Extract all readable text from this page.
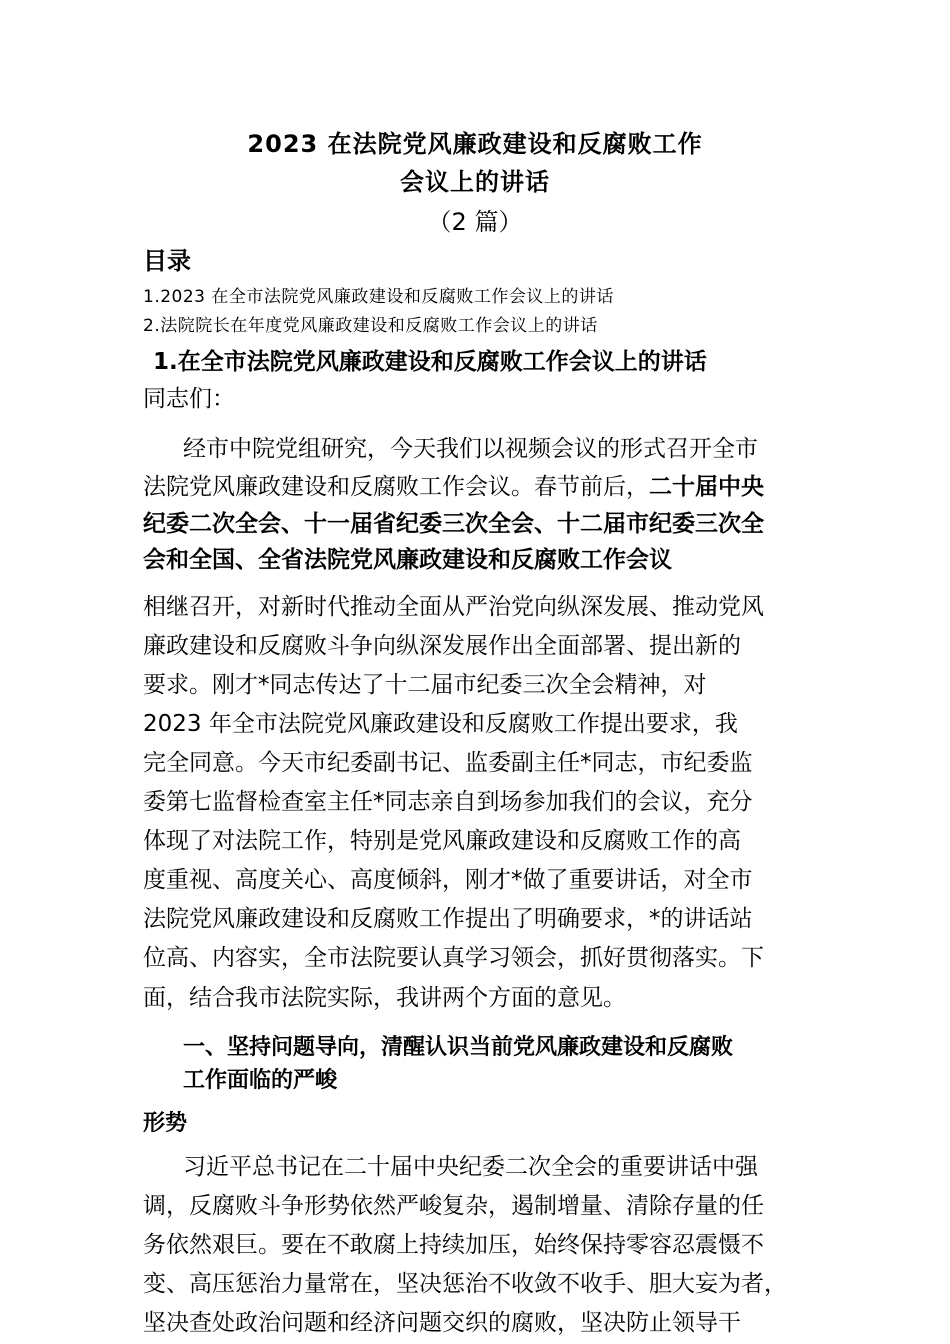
2023 在法院党风廉政建设和反腐败工作
会议上的讲话
（2 篇）
目录
1.2023 在全市法院党风廉政建设和反腐败工作会议上的讲话
2.法院院长在年度党风廉政建设和反腐败工作会议上的讲话
1.在全市法院党风廉政建设和反腐败工作会议上的讲话
同志们：
经市中院党组研究，今天我们以视频会议的形式召开全市
法院党风廉政建设和反腐败工作会议。春节前后，二十届中央
纪委二次全会、十一届省纪委三次全会、十二届市纪委三次全
会和全国、全省法院党风廉政建设和反腐败工作会议
相继召开，对新时代推动全面从严治党向纵深发展、推动党风
廉政建设和反腐败斗争向纵深发展作出全面部署、提出新的
要求。刚才*同志传达了十二届市纪委三次全会精神，对
2023 年全市法院党风廉政建设和反腐败工作提出要求，我
完全同意。今天市纪委副书记、监委副主任*同志，市纪委监
委第七监督检查室主任*同志亲自到场参加我们的会议，充分
体现了对法院工作，特别是党风廉政建设和反腐败工作的高
度重视、高度关心、高度倾斜，刚才*做了重要讲话，对全市
法院党风廉政建设和反腐败工作提出了明确要求，*的讲话站
位高、内容实，全市法院要认真学习领会，抓好贯彻落实。下
面，结合我市法院实际，我讲两个方面的意见。
一、坚持问题导向，清醒认识当前党风廉政建设和反腐败
工作面临的严峻
形势
习近平总书记在二十届中央纪委二次全会的重要讲话中强
调，反腐败斗争形势依然严峻复杂，遏制增量、清除存量的任
务依然艰巨。要在不敢腐上持续加压，始终保持零容忍震慑不
变、高压惩治力量常在，坚决惩治不收敛不收手、胆大妄为者，
坚决查处政治问题和经济问题交织的腐败，坚决防止领导干
